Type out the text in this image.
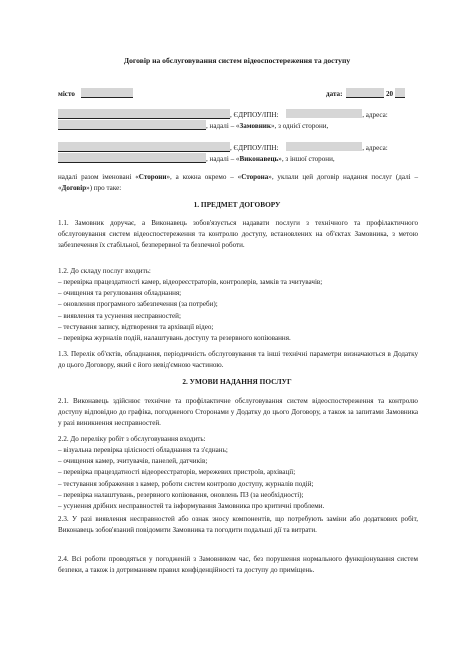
Договір на обслуговування систем відеоспостереження та доступу
місто	дата:	20
, ЄДРПОУ/ІПН:	, адреса:
, надалі – «Замовник», з однієї сторони,
, ЄДРПОУ/ІПН:	, адреса:
, надалі – «Виконавець», з іншої сторони,
надалі разом іменовані «Сторони», а кожна окремо – «Сторона», уклали цей договір надання послуг (далі – «Договір») про таке:
1. ПРЕДМЕТ ДОГОВОРУ
1.1. Замовник доручає, а Виконавець зобов'язується надавати послуги з технічного та профілактичного обслуговування систем відеоспостереження та контролю доступу, встановлених на об'єктах Замовника, з метою забезпечення їх стабільної, безперервної та безпечної роботи.
1.2. До складу послуг входить:
– перевірка працездатності камер, відеореєстраторів, контролерів, замків та зчитувачів;
– очищення та регулювання обладнання;
– оновлення програмного забезпечення (за потреби);
– виявлення та усунення несправностей;
– тестування запису, відтворення та архівації відео;
– перевірка журналів подій, налаштувань доступу та резервного копіювання.
1.3. Перелік об'єктів, обладнання, періодичність обслуговування та інші технічні параметри визначаються в Додатку до цього Договору, який є його невід'ємною частиною.
2. УМОВИ НАДАННЯ ПОСЛУГ
2.1. Виконавець здійснює технічне та профілактичне обслуговування систем відеоспостереження та контролю доступу відповідно до графіка, погодженого Сторонами у Додатку до цього Договору, а також за запитами Замовника у разі виникнення несправностей.
2.2. До переліку робіт з обслуговування входить:
– візуальна перевірка цілісності обладнання та з'єднань;
– очищення камер, зчитувачів, панелей, датчиків;
– перевірка працездатності відеореєстраторів, мережевих пристроїв, архівації;
– тестування зображення з камер, роботи систем контролю доступу, журналів подій;
– перевірка налаштувань, резервного копіювання, оновлень ПЗ (за необхідності);
– усунення дрібних несправностей та інформування Замовника про критичні проблеми.
2.3. У разі виявлення несправностей або ознак зносу компонентів, що потребують заміни або додаткових робіт, Виконавець зобов'язаний повідомити Замовника та погодити подальші дії та витрати.
2.4. Всі роботи проводяться у погодженій з Замовником час, без порушення нормального функціонування систем безпеки, а також із дотриманням правил конфіденційності та доступу до приміщень.
